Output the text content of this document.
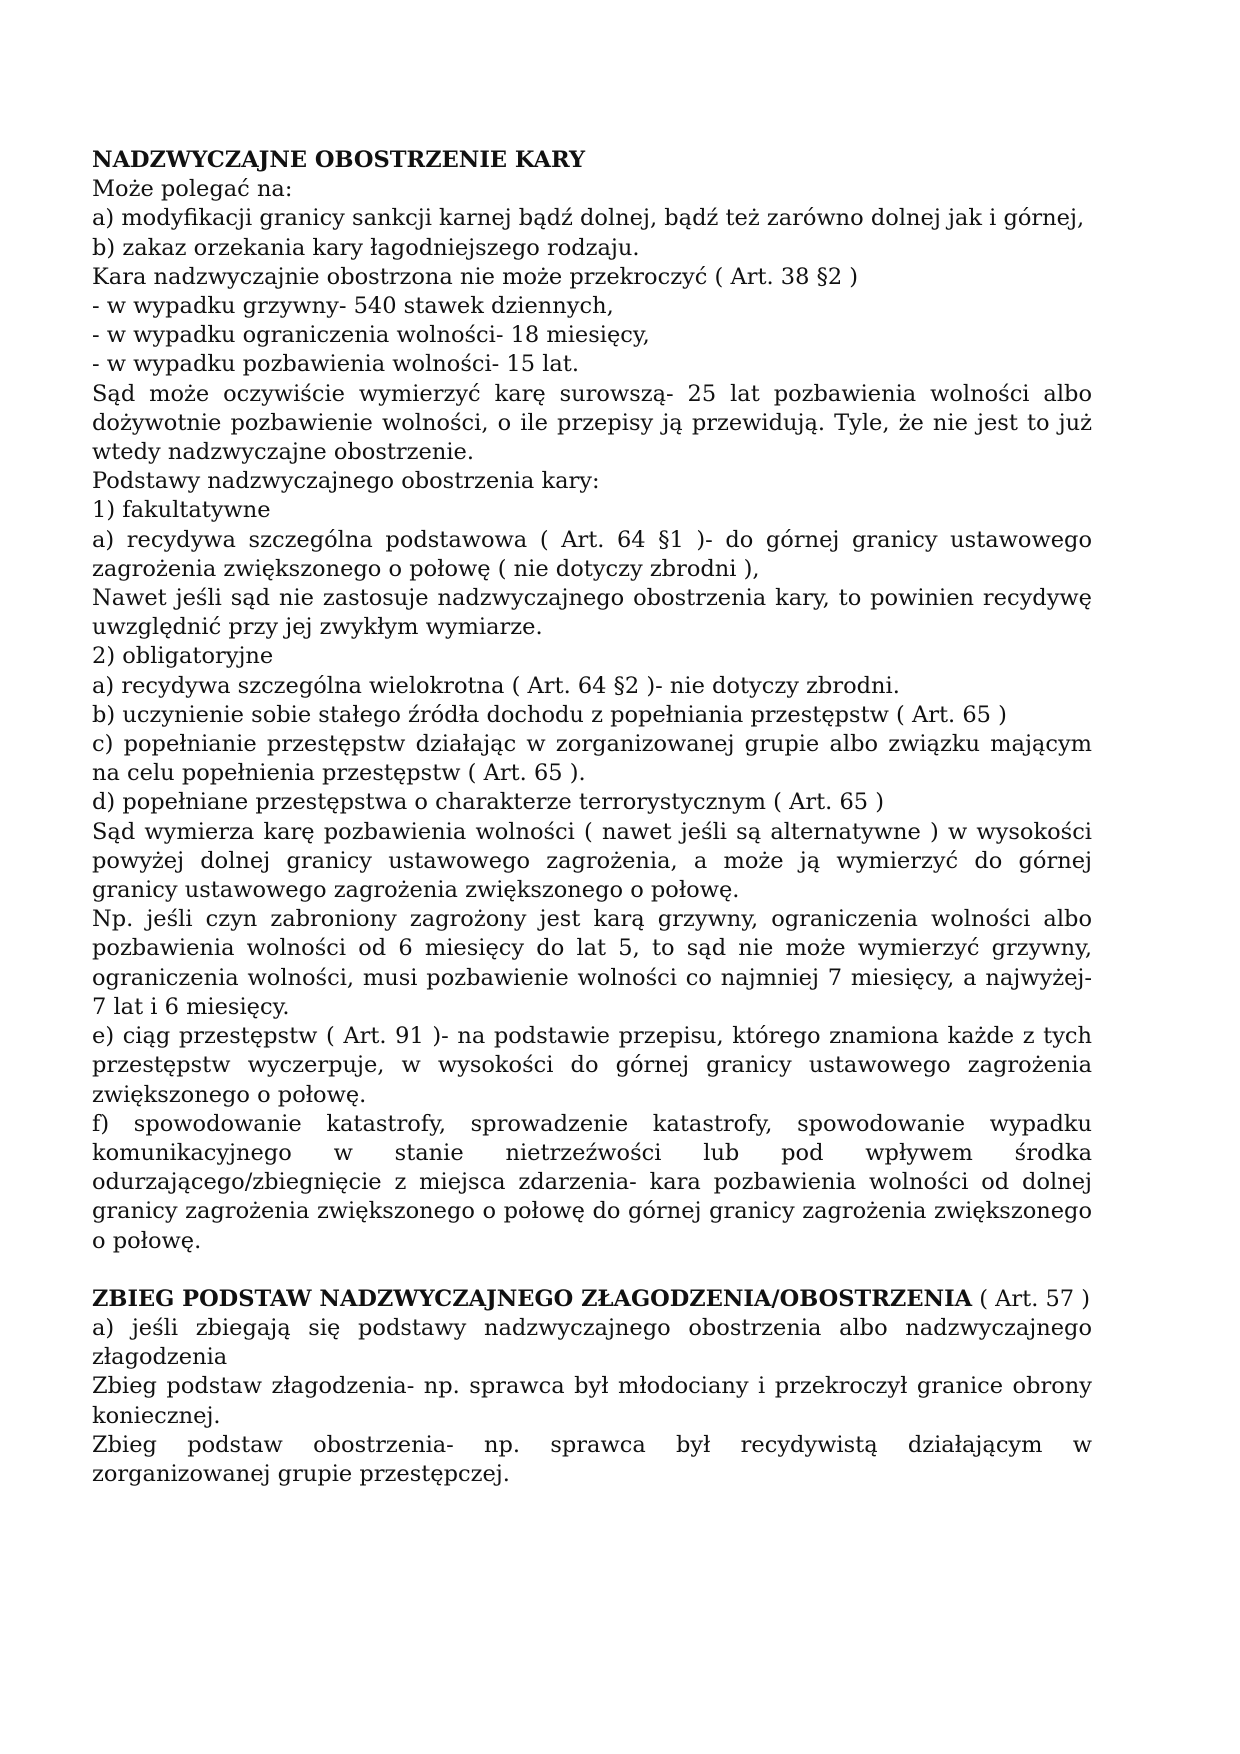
NADZWYCZAJNE OBOSTRZENIE KARY

Może polegać na:

a) modyfikacji granicy sankcji karnej bądź dolnej, bądź też zarówno dolnej jak i górnej,

b) zakaz orzekania kary łagodniejszego rodzaju.

Kara nadzwyczajnie obostrzona nie może przekroczyć ( Art. 38 §2 )

- w wypadku grzywny- 540 stawek dziennych,

- w wypadku ograniczenia wolności- 18 miesięcy,

- w wypadku pozbawienia wolności- 15 lat.

Sąd może oczywiście wymierzyć karę surowszą- 25 lat pozbawienia wolności albo dożywotnie pozbawienie wolności, o ile przepisy ją przewidują. Tyle, że nie jest to już wtedy nadzwyczajne obostrzenie.

Podstawy nadzwyczajnego obostrzenia kary:

1) fakultatywne

a) recydywa szczególna podstawowa ( Art. 64 §1 )- do górnej granicy ustawowego zagrożenia zwiększonego o połowę ( nie dotyczy zbrodni ),

Nawet jeśli sąd nie zastosuje nadzwyczajnego obostrzenia kary, to powinien recydywę uwzględnić przy jej zwykłym wymiarze.

2) obligatoryjne

a) recydywa szczególna wielokrotna ( Art. 64 §2 )- nie dotyczy zbrodni.

b) uczynienie sobie stałego źródła dochodu z popełniania przestępstw ( Art. 65 )

c) popełnianie przestępstw działając w zorganizowanej grupie albo związku mającym na celu popełnienia przestępstw ( Art. 65 ).

d) popełniane przestępstwa o charakterze terrorystycznym ( Art. 65 )

Sąd wymierza karę pozbawienia wolności ( nawet jeśli są alternatywne ) w wysokości powyżej dolnej granicy ustawowego zagrożenia, a może ją wymierzyć do górnej granicy ustawowego zagrożenia zwiększonego o połowę.

Np. jeśli czyn zabroniony zagrożony jest karą grzywny, ograniczenia wolności albo pozbawienia wolności od 6 miesięcy do lat 5, to sąd nie może wymierzyć grzywny, ograniczenia wolności, musi pozbawienie wolności co najmniej 7 miesięcy, a najwyżej- 7 lat i 6 miesięcy.

e) ciąg przestępstw ( Art. 91 )- na podstawie przepisu, którego znamiona każde z tych przestępstw wyczerpuje, w wysokości do górnej granicy ustawowego zagrożenia zwiększonego o połowę.

f) spowodowanie katastrofy, sprowadzenie katastrofy, spowodowanie wypadku komunikacyjnego w stanie nietrzeźwości lub pod wpływem środka odurzającego/zbiegnięcie z miejsca zdarzenia- kara pozbawienia wolności od dolnej granicy zagrożenia zwiększonego o połowę do górnej granicy zagrożenia zwiększonego o połowę.

ZBIEG PODSTAW NADZWYCZAJNEGO ZŁAGODZENIA/OBOSTRZENIA ( Art. 57 )

a) jeśli zbiegają się podstawy nadzwyczajnego obostrzenia albo nadzwyczajnego złagodzenia

Zbieg podstaw złagodzenia- np. sprawca był młodociany i przekroczył granice obrony koniecznej.

Zbieg podstaw obostrzenia- np. sprawca był recydywistą działającym w zorganizowanej grupie przestępczej.
